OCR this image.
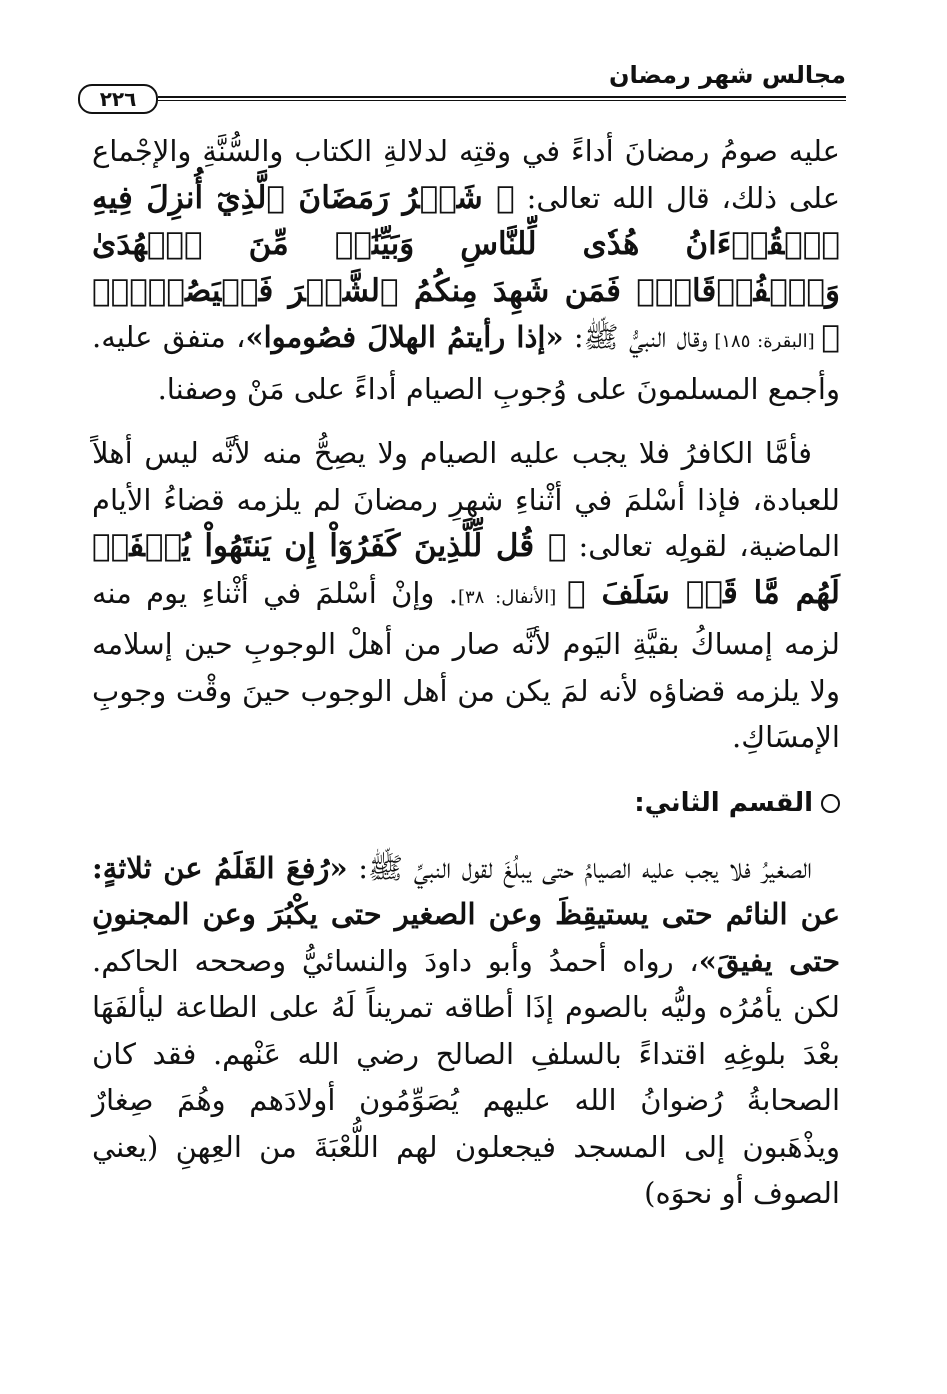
٢٢٦
مجالس شهر رمضان

عليه صومُ رمضانَ أداءً في وقتِه لدلالةِ الكتاب والسُّنَّةِ والإجْماع على ذلك، قال الله تعالى: ﴿ شَهۡرُ رَمَضَانَ ٱلَّذِيٓ أُنزِلَ فِيهِ ٱلۡقُرۡءَانُ هُدٗى لِّلنَّاسِ وَبَيِّنَٰتٖ مِّنَ ٱلۡهُدَىٰ وَٱلۡفُرۡقَانِۚ فَمَن شَهِدَ مِنكُمُ ٱلشَّهۡرَ فَلۡيَصُمۡهُۖ ﴾ [البقرة: ١٨٥] وقال النبيُّ ﷺ: «إذا رأيتمُ الهلالَ فصُوموا»، متفق عليه. وأجمع المسلمونَ على وُجوبِ الصيام أداءً على مَنْ وصفنا.

فأمَّا الكافرُ فلا يجب عليه الصيام ولا يصِحُّ منه لأنَّه ليس أهلاً للعبادة، فإذا أسْلمَ في أثْناءِ شهرِ رمضانَ لم يلزمه قضاءُ الأيام الماضية، لقولِه تعالى: ﴿ قُل لِّلَّذِينَ كَفَرُوٓاْ إِن يَنتَهُواْ يُغۡفَرۡ لَهُم مَّا قَدۡ سَلَفَ ﴾ [الأنفال: ٣٨]. وإنْ أسْلمَ في أثْناءِ يوم منه لزمه إمساكُ بقيَّةِ اليَوم لأنَّه صار من أهلْ الوجوبِ حين إسلامه ولا يلزمه قضاؤه لأنه لمَ يكن من أهل الوجوب حينَ وقْت وجوبِ الإمسَاكِ.

القسم الثاني:

الصغيرُ فلا يجب عليه الصيامُ حتى يبلُغَ لقول النبيِّ ﷺ: «رُفعَ القَلَمُ عن ثلاثةٍ: عن النائم حتى يستيقِظَ وعن الصغير حتى يكْبُرَ وعن المجنونِ حتى يفيقَ»، رواه أحمدُ وأبو داودَ والنسائيُّ وصححه الحاكم. لكن يأمُرُه وليُّه بالصوم إذَا أطاقه تمريناً لَهُ على الطاعة ليألفَهَا بعْدَ بلوغِهِ اقتداءً بالسلفِ الصالح رضي الله عَنْهم. فقد كان الصحابةُ رُضوانُ الله عليهم يُصَوِّمُون أولادَهم وهُمَ صِغارٌ ويذْهَبون إلى المسجد فيجعلون لهم اللُّعْبَةَ من العِهنِ (يعني الصوف أو نحوَه)
